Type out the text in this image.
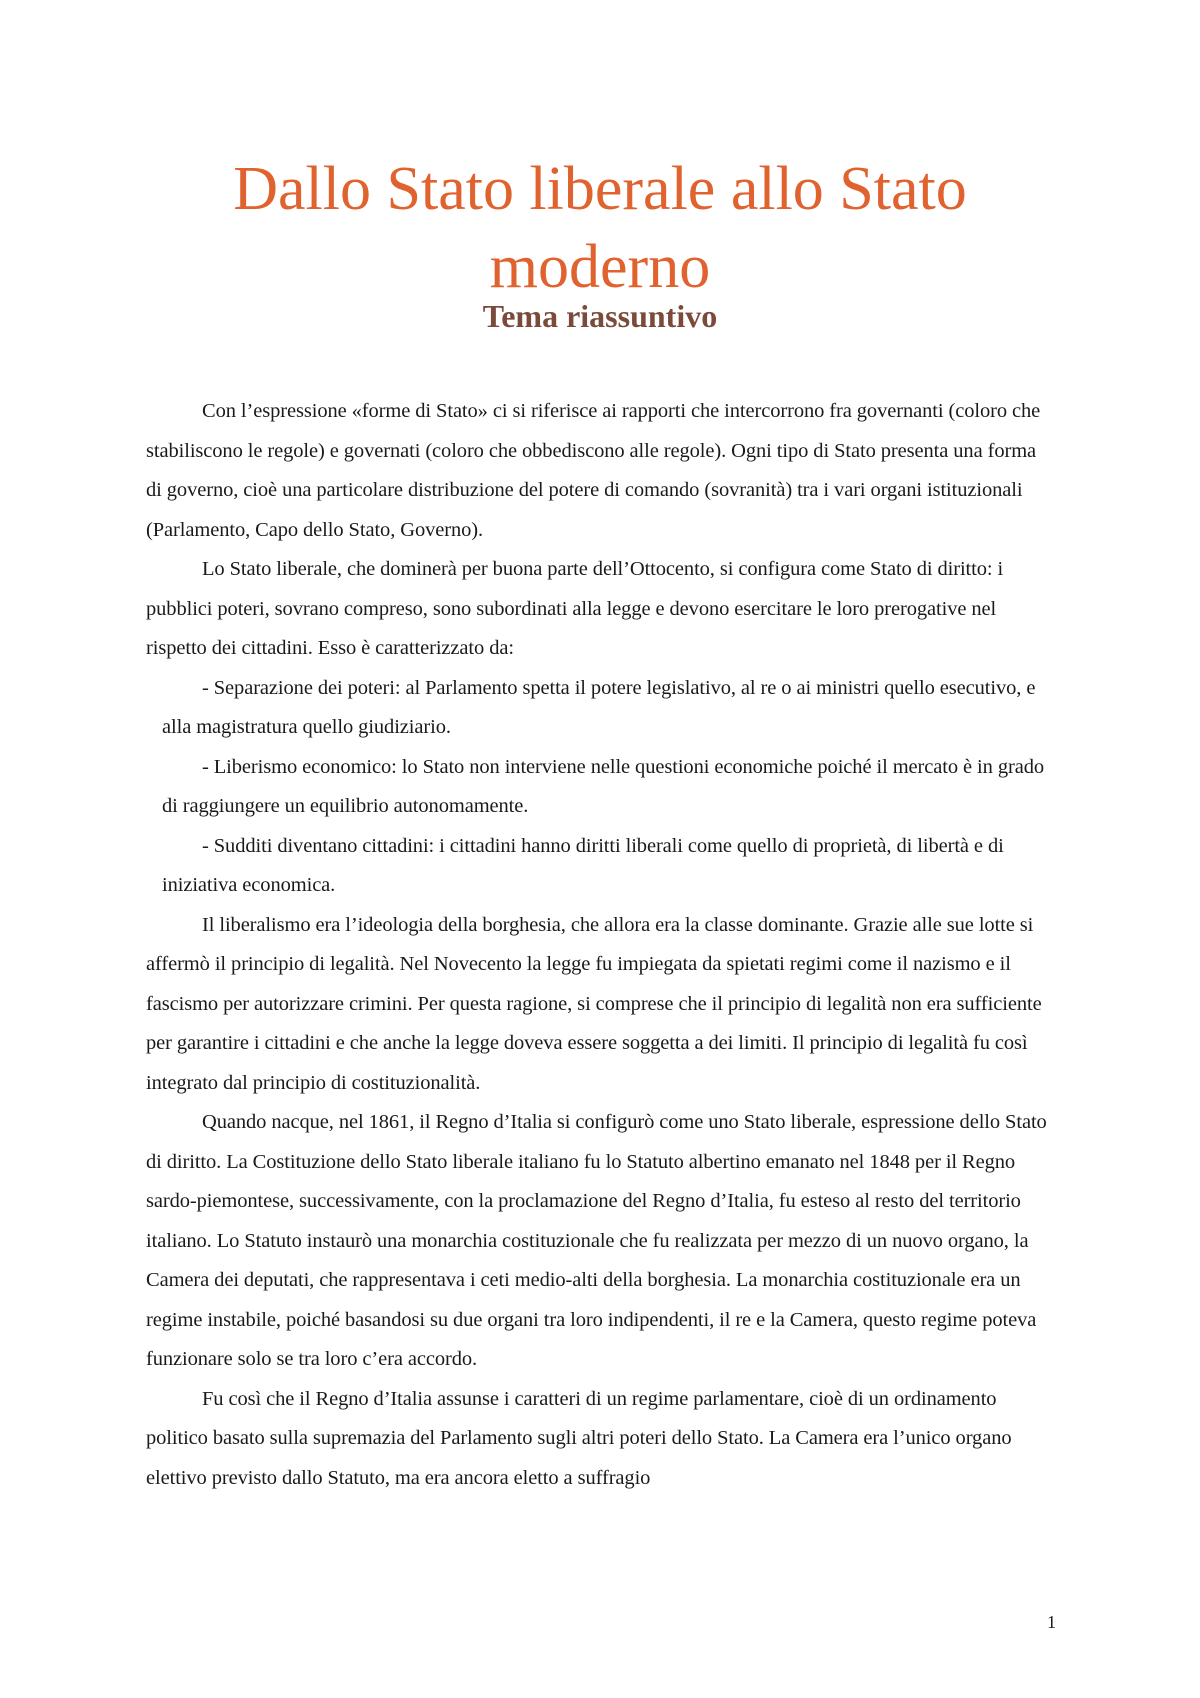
Dallo Stato liberale allo Stato moderno
Tema riassuntivo

Con l’espressione «forme di Stato» ci si riferisce ai rapporti che intercorrono fra governanti (coloro che stabiliscono le regole) e governati (coloro che obbediscono alle regole). Ogni tipo di Stato presenta una forma di governo, cioè una particolare distribuzione del potere di comando (sovranità) tra i vari organi istituzionali (Parlamento, Capo dello Stato, Governo).

Lo Stato liberale, che dominerà per buona parte dell’Ottocento, si configura come Stato di diritto: i pubblici poteri, sovrano compreso, sono subordinati alla legge e devono esercitare le loro prerogative nel rispetto dei cittadini. Esso è caratterizzato da:

- Separazione dei poteri: al Parlamento spetta il potere legislativo, al re o ai ministri quello esecutivo, e alla magistratura quello giudiziario.

- Liberismo economico: lo Stato non interviene nelle questioni economiche poiché il mercato è in grado di raggiungere un equilibrio autonomamente.

- Sudditi diventano cittadini: i cittadini hanno diritti liberali come quello di proprietà, di libertà e di iniziativa economica.

Il liberalismo era l’ideologia della borghesia, che allora era la classe dominante. Grazie alle sue lotte si affermò il principio di legalità. Nel Novecento la legge fu impiegata da spietati regimi come il nazismo e il fascismo per autorizzare crimini. Per questa ragione, si comprese che il principio di legalità non era sufficiente per garantire i cittadini e che anche la legge doveva essere soggetta a dei limiti. Il principio di legalità fu così integrato dal principio di costituzionalità.

Quando nacque, nel 1861, il Regno d’Italia si configurò come uno Stato liberale, espressione dello Stato di diritto. La Costituzione dello Stato liberale italiano fu lo Statuto albertino emanato nel 1848 per il Regno sardo-piemontese, successivamente, con la proclamazione del Regno d’Italia, fu esteso al resto del territorio italiano. Lo Statuto instaurò una monarchia costituzionale che fu realizzata per mezzo di un nuovo organo, la Camera dei deputati, che rappresentava i ceti medio-alti della borghesia. La monarchia costituzionale era un regime instabile, poiché basandosi su due organi tra loro indipendenti, il re e la Camera, questo regime poteva funzionare solo se tra loro c’era accordo.

Fu così che il Regno d’Italia assunse i caratteri di un regime parlamentare, cioè di un ordinamento politico basato sulla supremazia del Parlamento sugli altri poteri dello Stato. La Camera era l’unico organo elettivo previsto dallo Statuto, ma era ancora eletto a suffragio

1
